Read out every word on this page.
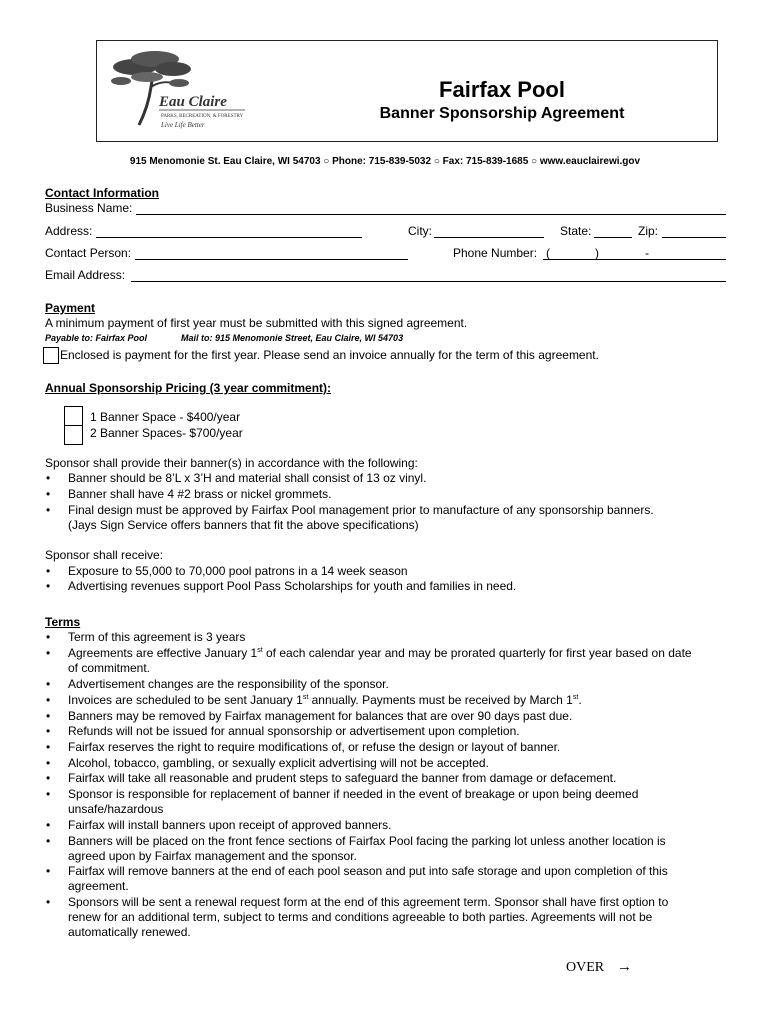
Eau Claire
PARKS, RECREATION, & FORESTRY
Live Life Better
Fairfax Pool
Banner Sponsorship Agreement
915 Menomonie St. Eau Claire, WI 54703 ○ Phone: 715-839-5032 ○ Fax: 715-839-1685 ○ www.eauclairewi.gov
Contact Information
Business Name:
Address:	City:	State:	Zip:
Contact Person:	Phone Number: (	)	-
Email Address:
Payment
A minimum payment of first year must be submitted with this signed agreement.
Payable to: Fairfax Pool	Mail to: 915 Menomonie Street, Eau Claire, WI 54703
Enclosed is payment for the first year. Please send an invoice annually for the term of this agreement.
Annual Sponsorship Pricing (3 year commitment):
1 Banner Space - $400/year
2 Banner Spaces- $700/year
Sponsor shall provide their banner(s) in accordance with the following:
• Banner should be 8’L x 3’H and material shall consist of 13 oz vinyl.
• Banner shall have 4 #2 brass or nickel grommets.
• Final design must be approved by Fairfax Pool management prior to manufacture of any sponsorship banners.
(Jays Sign Service offers banners that fit the above specifications)
Sponsor shall receive:
• Exposure to 55,000 to 70,000 pool patrons in a 14 week season
• Advertising revenues support Pool Pass Scholarships for youth and families in need.
Terms
• Term of this agreement is 3 years
• Agreements are effective January 1st of each calendar year and may be prorated quarterly for first year based on date
of commitment.
• Advertisement changes are the responsibility of the sponsor.
• Invoices are scheduled to be sent January 1st annually. Payments must be received by March 1st.
• Banners may be removed by Fairfax management for balances that are over 90 days past due.
• Refunds will not be issued for annual sponsorship or advertisement upon completion.
• Fairfax reserves the right to require modifications of, or refuse the design or layout of banner.
• Alcohol, tobacco, gambling, or sexually explicit advertising will not be accepted.
• Fairfax will take all reasonable and prudent steps to safeguard the banner from damage or defacement.
• Sponsor is responsible for replacement of banner if needed in the event of breakage or upon being deemed
unsafe/hazardous
• Fairfax will install banners upon receipt of approved banners.
• Banners will be placed on the front fence sections of Fairfax Pool facing the parking lot unless another location is
agreed upon by Fairfax management and the sponsor.
• Fairfax will remove banners at the end of each pool season and put into safe storage and upon completion of this
agreement.
• Sponsors will be sent a renewal request form at the end of this agreement term. Sponsor shall have first option to
renew for an additional term, subject to terms and conditions agreeable to both parties. Agreements will not be
automatically renewed.
OVER →
